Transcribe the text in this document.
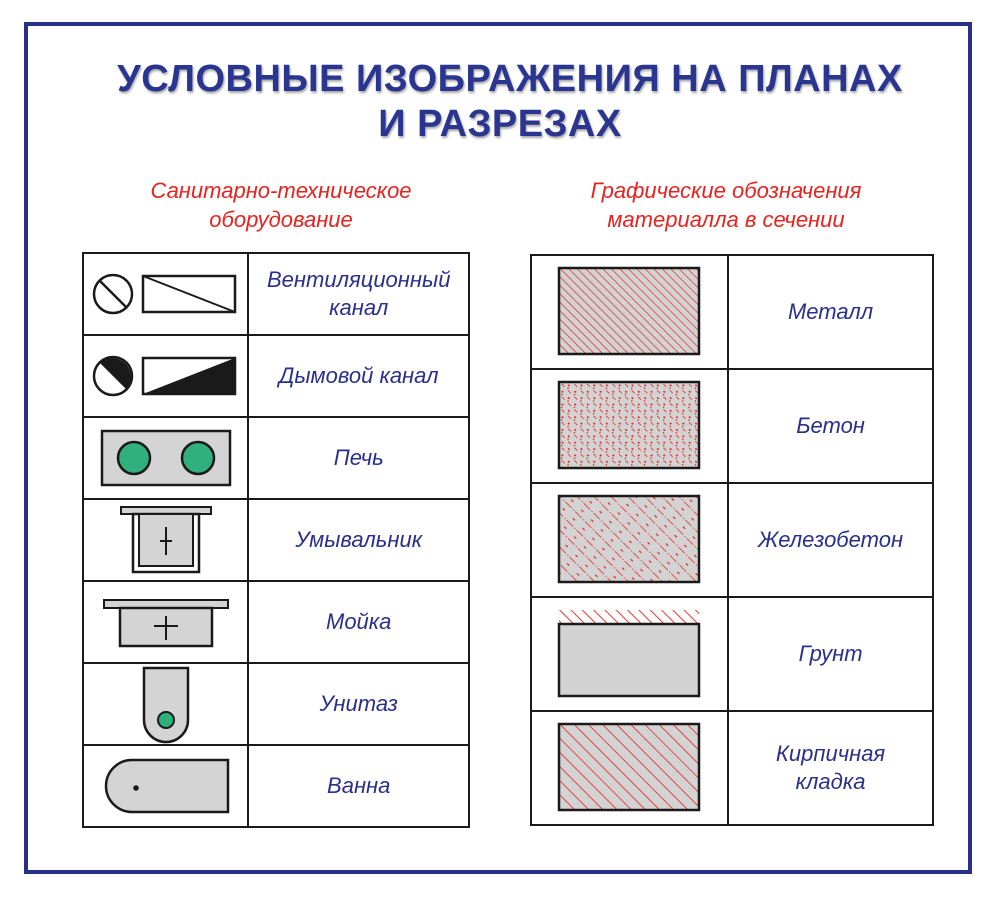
УСЛОВНЫЕ ИЗОБРАЖЕНИЯ НА ПЛАНАХ
И РАЗРЕЗАХ
Санитарно-техническое
оборудование
Графические обозначения
материалла в сечении

Вентиляционный
канал

Дымовой канал

Печь

Умывальник

Мойка

Унитаз

Ванна

Металл

Бетон

Железобетон

Грунт

Кирпичная
кладка
